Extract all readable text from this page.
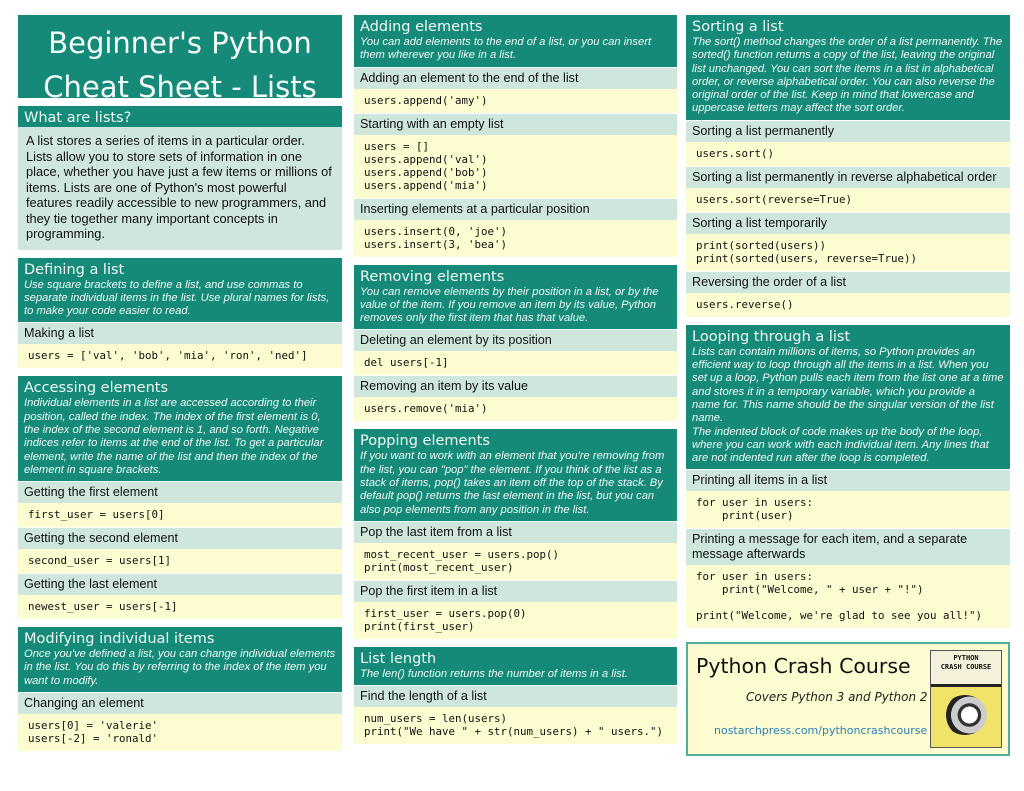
Beginner's Python
Cheat Sheet - Lists
What are lists?
A list stores a series of items in a particular order. Lists allow you to store sets of information in one place, whether you have just a few items or millions of items. Lists are one of Python's most powerful features readily accessible to new programmers, and they tie together many important concepts in programming.
Defining a list
Use square brackets to define a list, and use commas to separate individual items in the list. Use plural names for lists, to make your code easier to read.
Making a list
users = ['val', 'bob', 'mia', 'ron', 'ned']
Accessing elements
Individual elements in a list are accessed according to their position, called the index. The index of the first element is 0, the index of the second element is 1, and so forth. Negative indices refer to items at the end of the list. To get a particular element, write the name of the list and then the index of the element in square brackets.
Getting the first element
first_user = users[0]
Getting the second element
second_user = users[1]
Getting the last element
newest_user = users[-1]
Modifying individual items
Once you've defined a list, you can change individual elements in the list. You do this by referring to the index of the item you want to modify.
Changing an element
users[0] = 'valerie'
users[-2] = 'ronald'
Adding elements
You can add elements to the end of a list, or you can insert them wherever you like in a list.
Adding an element to the end of the list
users.append('amy')
Starting with an empty list
users = []
users.append('val')
users.append('bob')
users.append('mia')
Inserting elements at a particular position
users.insert(0, 'joe')
users.insert(3, 'bea')
Removing elements
You can remove elements by their position in a list, or by the value of the item. If you remove an item by its value, Python removes only the first item that has that value.
Deleting an element by its position
del users[-1]
Removing an item by its value
users.remove('mia')
Popping elements
If you want to work with an element that you're removing from the list, you can "pop" the element. If you think of the list as a stack of items, pop() takes an item off the top of the stack. By default pop() returns the last element in the list, but you can also pop elements from any position in the list.
Pop the last item from a list
most_recent_user = users.pop()
print(most_recent_user)
Pop the first item in a list
first_user = users.pop(0)
print(first_user)
List length
The len() function returns the number of items in a list.
Find the length of a list
num_users = len(users)
print("We have " + str(num_users) + " users.")
Sorting a list
The sort() method changes the order of a list permanently. The sorted() function returns a copy of the list, leaving the original list unchanged. You can sort the items in a list in alphabetical order, or reverse alphabetical order. You can also reverse the original order of the list. Keep in mind that lowercase and uppercase letters may affect the sort order.
Sorting a list permanently
users.sort()
Sorting a list permanently in reverse alphabetical order
users.sort(reverse=True)
Sorting a list temporarily
print(sorted(users))
print(sorted(users, reverse=True))
Reversing the order of a list
users.reverse()
Looping through a list
Lists can contain millions of items, so Python provides an efficient way to loop through all the items in a list. When you set up a loop, Python pulls each item from the list one at a time and stores it in a temporary variable, which you provide a name for. This name should be the singular version of the list name.
The indented block of code makes up the body of the loop, where you can work with each individual item. Any lines that are not indented run after the loop is completed.
Printing all items in a list
for user in users:
print(user)
Printing a message for each item, and a separate message afterwards
for user in users:
print("Welcome, " + user + "!")

print("Welcome, we're glad to see you all!")
Python Crash Course
Covers Python 3 and Python 2
nostarchpress.com/pythoncrashcourse
PYTHON
CRASH COURSE
